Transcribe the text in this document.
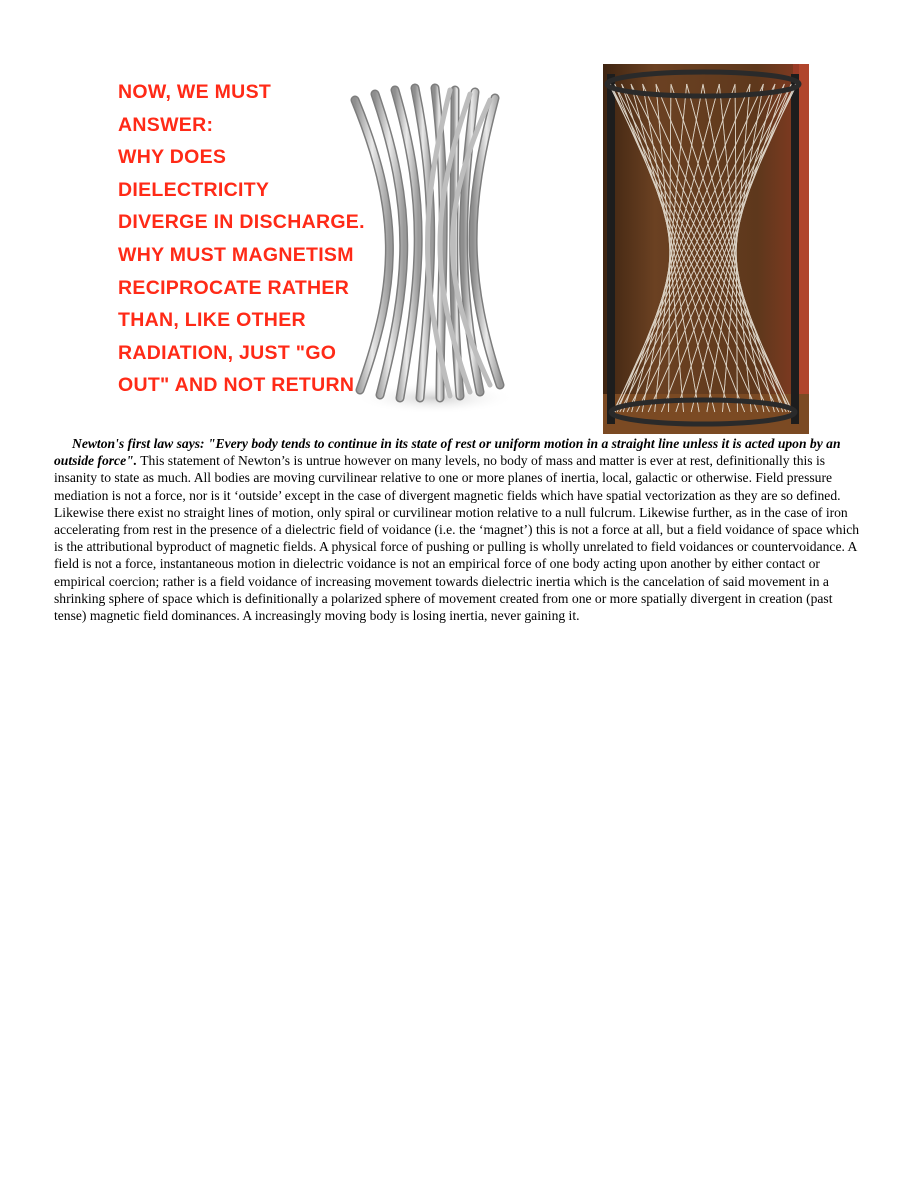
NOW, WE MUST
ANSWER:
WHY DOES
DIELECTRICITY
DIVERGE IN DISCHARGE.
WHY MUST MAGNETISM
RECIPROCATE RATHER
THAN, LIKE OTHER
RADIATION, JUST "GO
OUT" AND NOT RETURN
Newton's first law says: "Every body tends to continue in its state of rest or uniform motion in a straight line unless it is acted upon by an outside force". This statement of Newton’s is untrue however on many levels, no body of mass and matter is ever at rest, definitionally this is insanity to state as much. All bodies are moving curvilinear relative to one or more planes of inertia, local, galactic or otherwise. Field pressure mediation is not a force, nor is it ‘outside’ except in the case of divergent magnetic fields which have spatial vectorization as they are so defined. Likewise there exist no straight lines of motion, only spiral or curvilinear motion relative to a null fulcrum. Likewise further, as in the case of iron accelerating from rest in the presence of a dielectric field of voidance (i.e. the ‘magnet’) this is not a force at all, but a field voidance of space which is the attributional byproduct of magnetic fields. A physical force of pushing or pulling is wholly unrelated to field voidances or countervoidance. A field is not a force, instantaneous motion in dielectric voidance is not an empirical force of one body acting upon another by either contact or empirical coercion; rather is a field voidance of increasing movement towards dielectric inertia which is the cancelation of said movement in a shrinking sphere of space which is definitionally a polarized sphere of movement created from one or more spatially divergent in creation (past tense) magnetic field dominances. A increasingly moving body is losing inertia, never gaining it.
